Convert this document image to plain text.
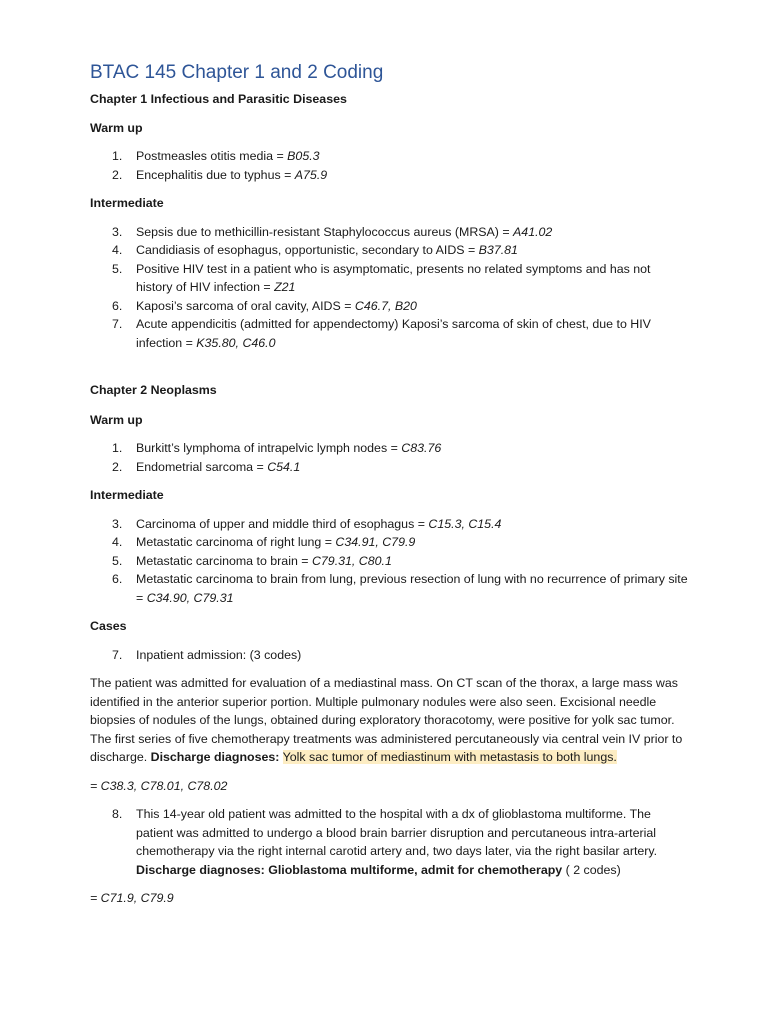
BTAC 145 Chapter 1 and 2 Coding

Chapter 1 Infectious and Parasitic Diseases

Warm up

1. Postmeasles otitis media = B05.3
2. Encephalitis due to typhus = A75.9

Intermediate

3. Sepsis due to methicillin-resistant Staphylococcus aureus (MRSA) = A41.02
4. Candidiasis of esophagus, opportunistic, secondary to AIDS = B37.81
5. Positive HIV test in a patient who is asymptomatic, presents no related symptoms and has not history of HIV infection = Z21
6. Kaposi’s sarcoma of oral cavity, AIDS = C46.7, B20
7. Acute appendicitis (admitted for appendectomy) Kaposi’s sarcoma of skin of chest, due to HIV infection = K35.80, C46.0

Chapter 2 Neoplasms

Warm up

1. Burkitt’s lymphoma of intrapelvic lymph nodes = C83.76
2. Endometrial sarcoma = C54.1

Intermediate

3. Carcinoma of upper and middle third of esophagus = C15.3, C15.4
4. Metastatic carcinoma of right lung = C34.91, C79.9
5. Metastatic carcinoma to brain = C79.31, C80.1
6. Metastatic carcinoma to brain from lung, previous resection of lung with no recurrence of primary site = C34.90, C79.31

Cases

7. Inpatient admission: (3 codes)

The patient was admitted for evaluation of a mediastinal mass. On CT scan of the thorax, a large mass was identified in the anterior superior portion. Multiple pulmonary nodules were also seen. Excisional needle biopsies of nodules of the lungs, obtained during exploratory thoracotomy, were positive for yolk sac tumor. The first series of five chemotherapy treatments was administered percutaneously via central vein IV prior to discharge. Discharge diagnoses: Yolk sac tumor of mediastinum with metastasis to both lungs.

= C38.3, C78.01, C78.02

8. This 14-year old patient was admitted to the hospital with a dx of glioblastoma multiforme. The patient was admitted to undergo a blood brain barrier disruption and percutaneous intra-arterial chemotherapy via the right internal carotid artery and, two days later, via the right basilar artery. Discharge diagnoses: Glioblastoma multiforme, admit for chemotherapy ( 2 codes)

= C71.9, C79.9
